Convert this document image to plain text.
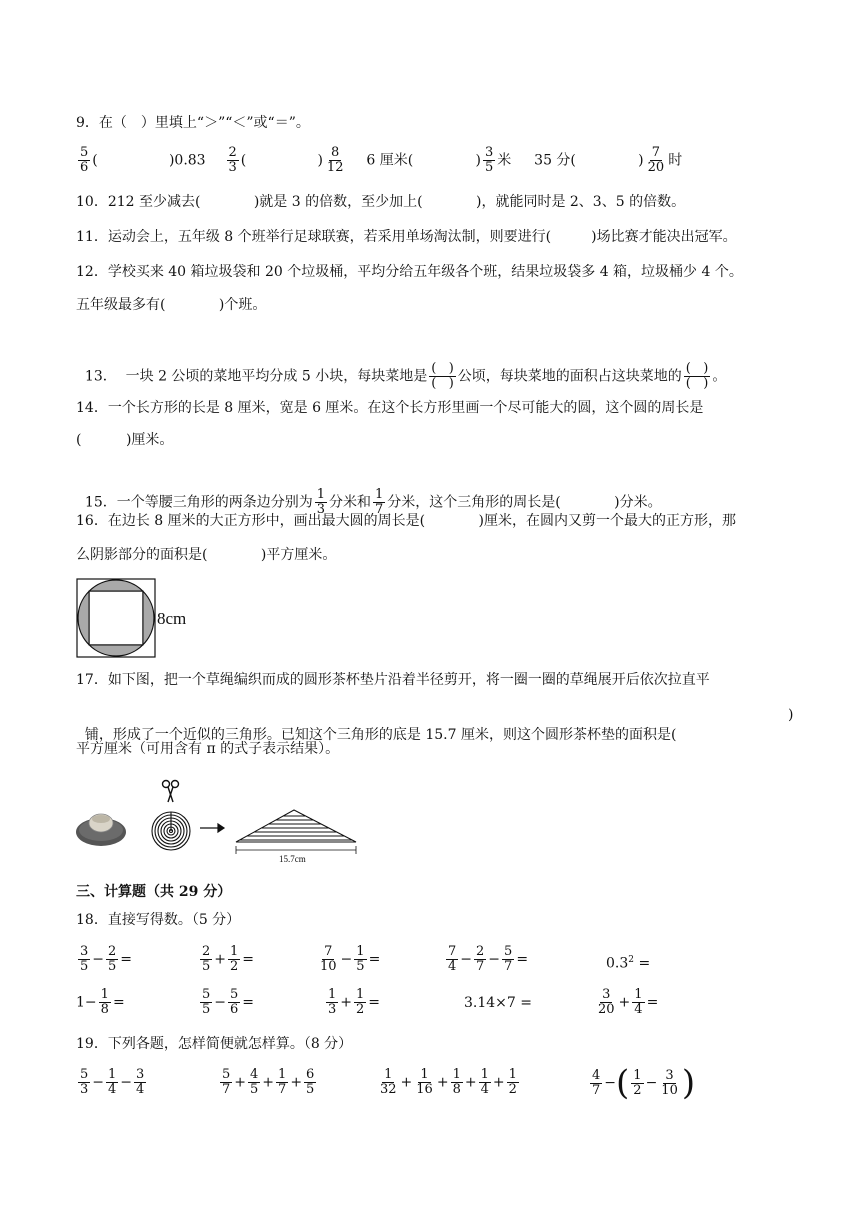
9．在（　）里填上“＞”“＜”或“＝”。
$\frac{5}{6}$ (                )$0.83 \frac{2}{3}$ (                ) $\frac{8}{12} 6$ 厘米(              ) $\frac{3}{5}$ 米 35 分(              ) $\frac{7}{20}$ 时
10．212 至少减去(            )就是 3 的倍数，至少加上(            )，就能同时是 2、3、5 的倍数。
11．运动会上，五年级 8 个班举行足球联赛，若采用单场淘汰制，则要进行(         )场比赛才能决出冠军。
12．学校买来 40 箱垃圾袋和 20 个垃圾桶，平均分给五年级各个班，结果垃圾袋多 4 箱，垃圾桶少 4 个。
五年级最多有(            )个班。

13．  一块 2 公顷的菜地平均分成 5 小块，每块菜地是 $\frac{( )}{( )}$ 公顷，每块菜地的面积占这块菜地的 $\frac{( )}{( )}$ 。

14．一个长方形的长是 8 厘米，宽是 6 厘米。在这个长方形里画一个尽可能大的圆，这个圆的周长是
(          )厘米。

15．一个等腰三角形的两条边分别为 $\frac{1}{3}$ 分米和 $\frac{1}{7}$ 分米，这个三角形的周长是(            )分米。

16．在边长 8 厘米的大正方形中，画出最大圆的周长是(            )厘米，在圆内又剪一个最大的正方形，那
么阴影部分的面积是(            )平方厘米。
8cm
17．如下图，把一个草绳编织而成的圆形茶杯垫片沿着半径剪开，将一圈一圈的草绳展开后依次拉直平

铺，形成了一个近似的三角形。已知这个三角形的底是 15.7 厘米，则这个圆形茶杯垫的面积是(

)
平方厘米（可用含有 π 的式子表示结果）。
15.7cm
三、计算题（共 29 分）
18．直接写得数。（5 分）
$\frac{3}{5} - \frac{2}{5}$ =	$\frac{2}{5} + \frac{1}{2}$ =	$\frac{7}{10} - \frac{1}{5}$ =	$\frac{7}{4} - \frac{2}{7} - \frac{5}{7}$ =	$0.3^2$ =
$1- \frac{1}{8}$ =	$\frac{5}{5} - \frac{5}{6}$ =	$\frac{1}{3} + \frac{1}{2}$ =	3.14×7 =	$\frac{3}{20} + \frac{1}{4}$ =
19．下列各题，怎样简便就怎样算。（8 分）
$\frac{5}{3} - \frac{1}{4} - \frac{3}{4}$	$\frac{5}{7} + \frac{4}{5} + \frac{1}{7} + \frac{6}{5}$	$\frac{1}{32} + \frac{1}{16} + \frac{1}{8} + \frac{1}{4} + \frac{1}{2}$	$\frac{4}{7}$ −( $\frac{1}{2} - \frac{3}{10}$ )
